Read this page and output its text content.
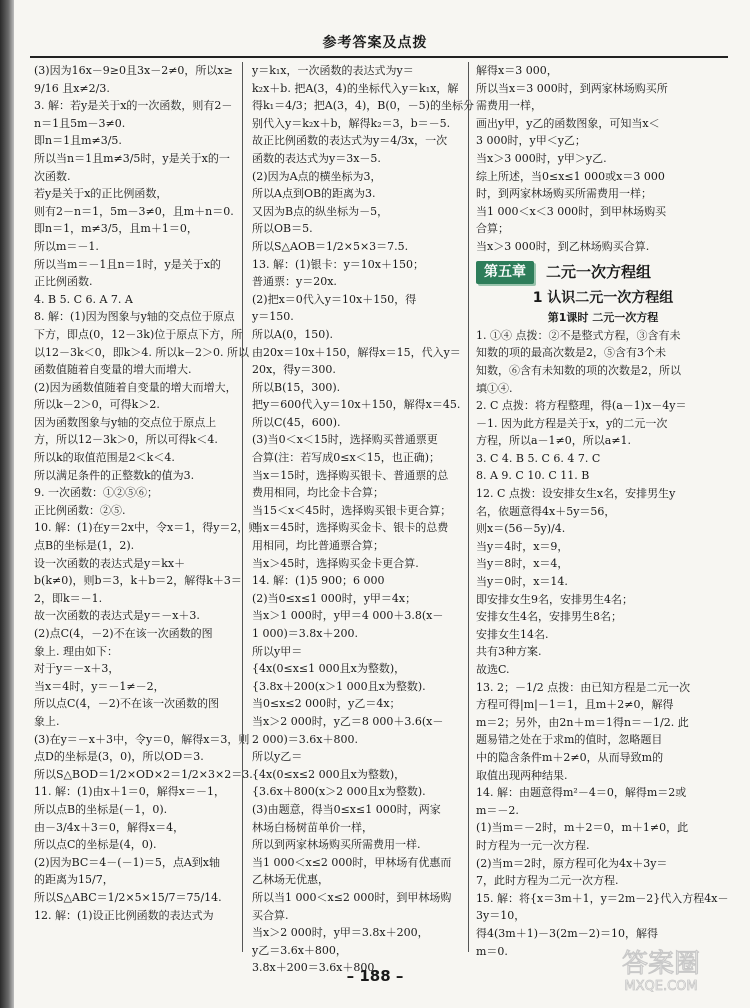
参考答案及点拨
(3)因为16x－9≥0且3x－2≠0，所以x≥
9/16 且x≠2/3.
3. 解：若y是关于x的一次函数，则有2－
n＝1且5m－3≠0.
即n＝1且m≠3/5.
所以当n＝1且m≠3/5时，y是关于x的一
次函数.
若y是关于x的正比例函数，
则有2－n＝1，5m－3≠0，且m＋n＝0.
即n＝1，m≠3/5，且m＋1＝0，
所以m＝－1.
所以当m＝－1且n＝1时，y是关于x的
正比例函数.
4. B 5. C 6. A 7. A
8. 解：(1)因为图象与y轴的交点位于原点
下方，即点(0，12－3k)位于原点下方，所
以12－3k＜0，即k＞4. 所以k－2＞0. 所以
函数值随着自变量的增大而增大.
(2)因为函数值随着自变量的增大而增大，
所以k－2＞0，可得k＞2.
因为函数图象与y轴的交点位于原点上
方，所以12－3k＞0，所以可得k＜4.
所以k的取值范围是2＜k＜4.
所以满足条件的正整数k的值为3.
9. 一次函数：①②⑤⑥；
正比例函数：②⑤.
10. 解：(1)在y＝2x中，令x＝1，得y＝2，则
点B的坐标是(1，2).
设一次函数的表达式是y＝kx＋
b(k≠0)，则b＝3，k＋b＝2，解得k＋3＝
2，即k＝－1.
故一次函数的表达式是y＝－x＋3.
(2)点C(4，－2)不在该一次函数的图
象上. 理由如下：
对于y＝－x＋3，
当x＝4时，y＝－1≠－2，
所以点C(4，－2)不在该一次函数的图
象上.
(3)在y＝－x＋3中，令y＝0，解得x＝3，则
点D的坐标是(3，0)，所以OD＝3.
所以S△BOD＝1/2×OD×2＝1/2×3×2＝3.
11. 解：(1)由x＋1＝0，解得x＝－1，
所以点B的坐标是(－1，0).
由－3/4x＋3＝0，解得x＝4，
所以点C的坐标是(4，0).
(2)因为BC＝4－(－1)＝5，点A到x轴
的距离为15/7，
所以S△ABC＝1/2×5×15/7＝75/14.
12. 解：(1)设正比例函数的表达式为
y＝k₁x，一次函数的表达式为y＝
k₂x＋b. 把A(3，4)的坐标代入y＝k₁x，解
得k₁＝4/3；把A(3，4)，B(0，－5)的坐标分
别代入y＝k₂x＋b，解得k₂＝3，b＝－5.
故正比例函数的表达式为y＝4/3x，一次
函数的表达式为y＝3x－5.
(2)因为A点的横坐标为3，
所以A点到OB的距离为3.
又因为B点的纵坐标为－5，
所以OB＝5.
所以S△AOB＝1/2×5×3＝7.5.
13. 解：(1)银卡：y＝10x＋150；
普通票：y＝20x.
(2)把x＝0代入y＝10x＋150，得
y＝150.
所以A(0，150).
由20x＝10x＋150，解得x＝15，代入y＝
20x，得y＝300.
所以B(15，300).
把y＝600代入y＝10x＋150，解得x＝45.
所以C(45，600).
(3)当0＜x＜15时，选择购买普通票更
合算(注：若写成0≤x＜15，也正确)；
当x＝15时，选择购买银卡、普通票的总
费用相同，均比金卡合算；
当15＜x＜45时，选择购买银卡更合算；
当x＝45时，选择购买金卡、银卡的总费
用相同，均比普通票合算；
当x＞45时，选择购买金卡更合算.
14. 解：(1)5 900；6 000
(2)当0≤x≤1 000时，y甲＝4x；
当x＞1 000时，y甲＝4 000＋3.8(x－
1 000)＝3.8x＋200.
所以y甲＝
{4x(0≤x≤1 000且x为整数)，
{3.8x＋200(x＞1 000且x为整数).
当0≤x≤2 000时，y乙＝4x；
当x＞2 000时，y乙＝8 000＋3.6(x－
2 000)＝3.6x＋800.
所以y乙＝
{4x(0≤x≤2 000且x为整数)，
{3.6x＋800(x＞2 000且x为整数).
(3)由题意，得当0≤x≤1 000时，两家
林场白杨树苗单价一样，
所以到两家林场购买所需费用一样.
当1 000＜x≤2 000时，甲林场有优惠而
乙林场无优惠，
所以当1 000＜x≤2 000时，到甲林场购
买合算.
当x＞2 000时，y甲＝3.8x＋200，
y乙＝3.6x＋800，
3.8x＋200＝3.6x＋800，
解得x＝3 000，
所以当x＝3 000时，到两家林场购买所
需费用一样，
画出y甲，y乙的函数图象，可知当x＜
3 000时，y甲＜y乙；
当x＞3 000时，y甲＞y乙.
综上所述，当0≤x≤1 000或x＝3 000
时，到两家林场购买所需费用一样；
当1 000＜x＜3 000时，到甲林场购买
合算；
当x＞3 000时，到乙林场购买合算.
第五章	二元一次方程组
1 认识二元一次方程组
第1课时 二元一次方程
1. ①④ 点拨：②不是整式方程，③含有未
知数的项的最高次数是2，⑤含有3个未
知数，⑥含有未知数的项的次数是2，所以
填①④.
2. C 点拨：将方程整理，得(a－1)x－4y＝
－1. 因为此方程是关于x，y的二元一次
方程，所以a－1≠0，所以a≠1.
3. C 4. B 5. C 6. 4 7. C
8. A 9. C 10. C 11. B
12. C 点拨：设安排女生x名，安排男生y
名，依题意得4x＋5y＝56，
则x＝(56－5y)/4.
当y＝4时，x＝9，
当y＝8时，x＝4，
当y＝0时，x＝14.
即安排女生9名，安排男生4名；
安排女生4名，安排男生8名；
安排女生14名.
共有3种方案.
故选C.
13. 2；－1/2 点拨：由已知方程是二元一次
方程可得|m|－1＝1，且m＋2≠0，解得
m＝2；另外，由2n＋m＝1得n＝－1/2. 此
题易错之处在于求m的值时，忽略题目
中的隐含条件m＋2≠0，从而导致m的
取值出现两种结果.
14. 解：由题意得m²－4＝0，解得m＝2或
m＝－2.
(1)当m＝－2时，m＋2＝0，m＋1≠0，此
时方程为一元一次方程.
(2)当m＝2时，原方程可化为4x＋3y＝
7，此时方程为二元一次方程.
15. 解：将{x＝3m＋1，y＝2m－2}代入方程4x－
3y＝10，
得4(3m＋1)－3(2m－2)＝10，解得
m＝0.
– 188 –	答案圈
MXQE.COM
